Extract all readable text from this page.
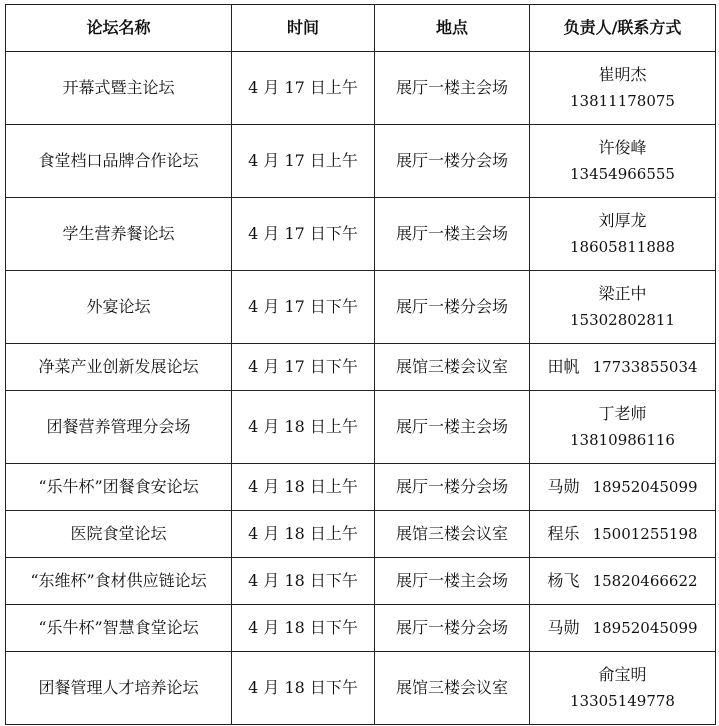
论坛名称	时间	地点	负责人/联系方式
开幕式暨主论坛	4 月 17 日上午	展厅一楼主会场	崔明杰
13811178075

食堂档口品牌合作论坛	4 月 17 日上午	展厅一楼分会场	许俊峰
13454966555

学生营养餐论坛	4 月 17 日下午	展厅一楼主会场	刘厚龙
18605811888

外宴论坛	4 月 17 日下午	展厅一楼分会场	梁正中
15302802811

净菜产业创新发展论坛	4 月 17 日下午	展馆三楼会议室	田帆 17733855034
团餐营养管理分会场	4 月 18 日上午	展厅一楼主会场	丁老师
13810986116

“乐牛杯”团餐食安论坛	4 月 18 日上午	展厅一楼分会场	马勋 18952045099
医院食堂论坛	4 月 18 日上午	展馆三楼会议室	程乐 15001255198
“东维杯”食材供应链论坛	4 月 18 日下午	展厅一楼主会场	杨飞 15820466622
“乐牛杯”智慧食堂论坛	4 月 18 日下午	展厅一楼分会场	马勋 18952045099
团餐管理人才培养论坛	4 月 18 日下午	展馆三楼会议室	俞宝明
13305149778
